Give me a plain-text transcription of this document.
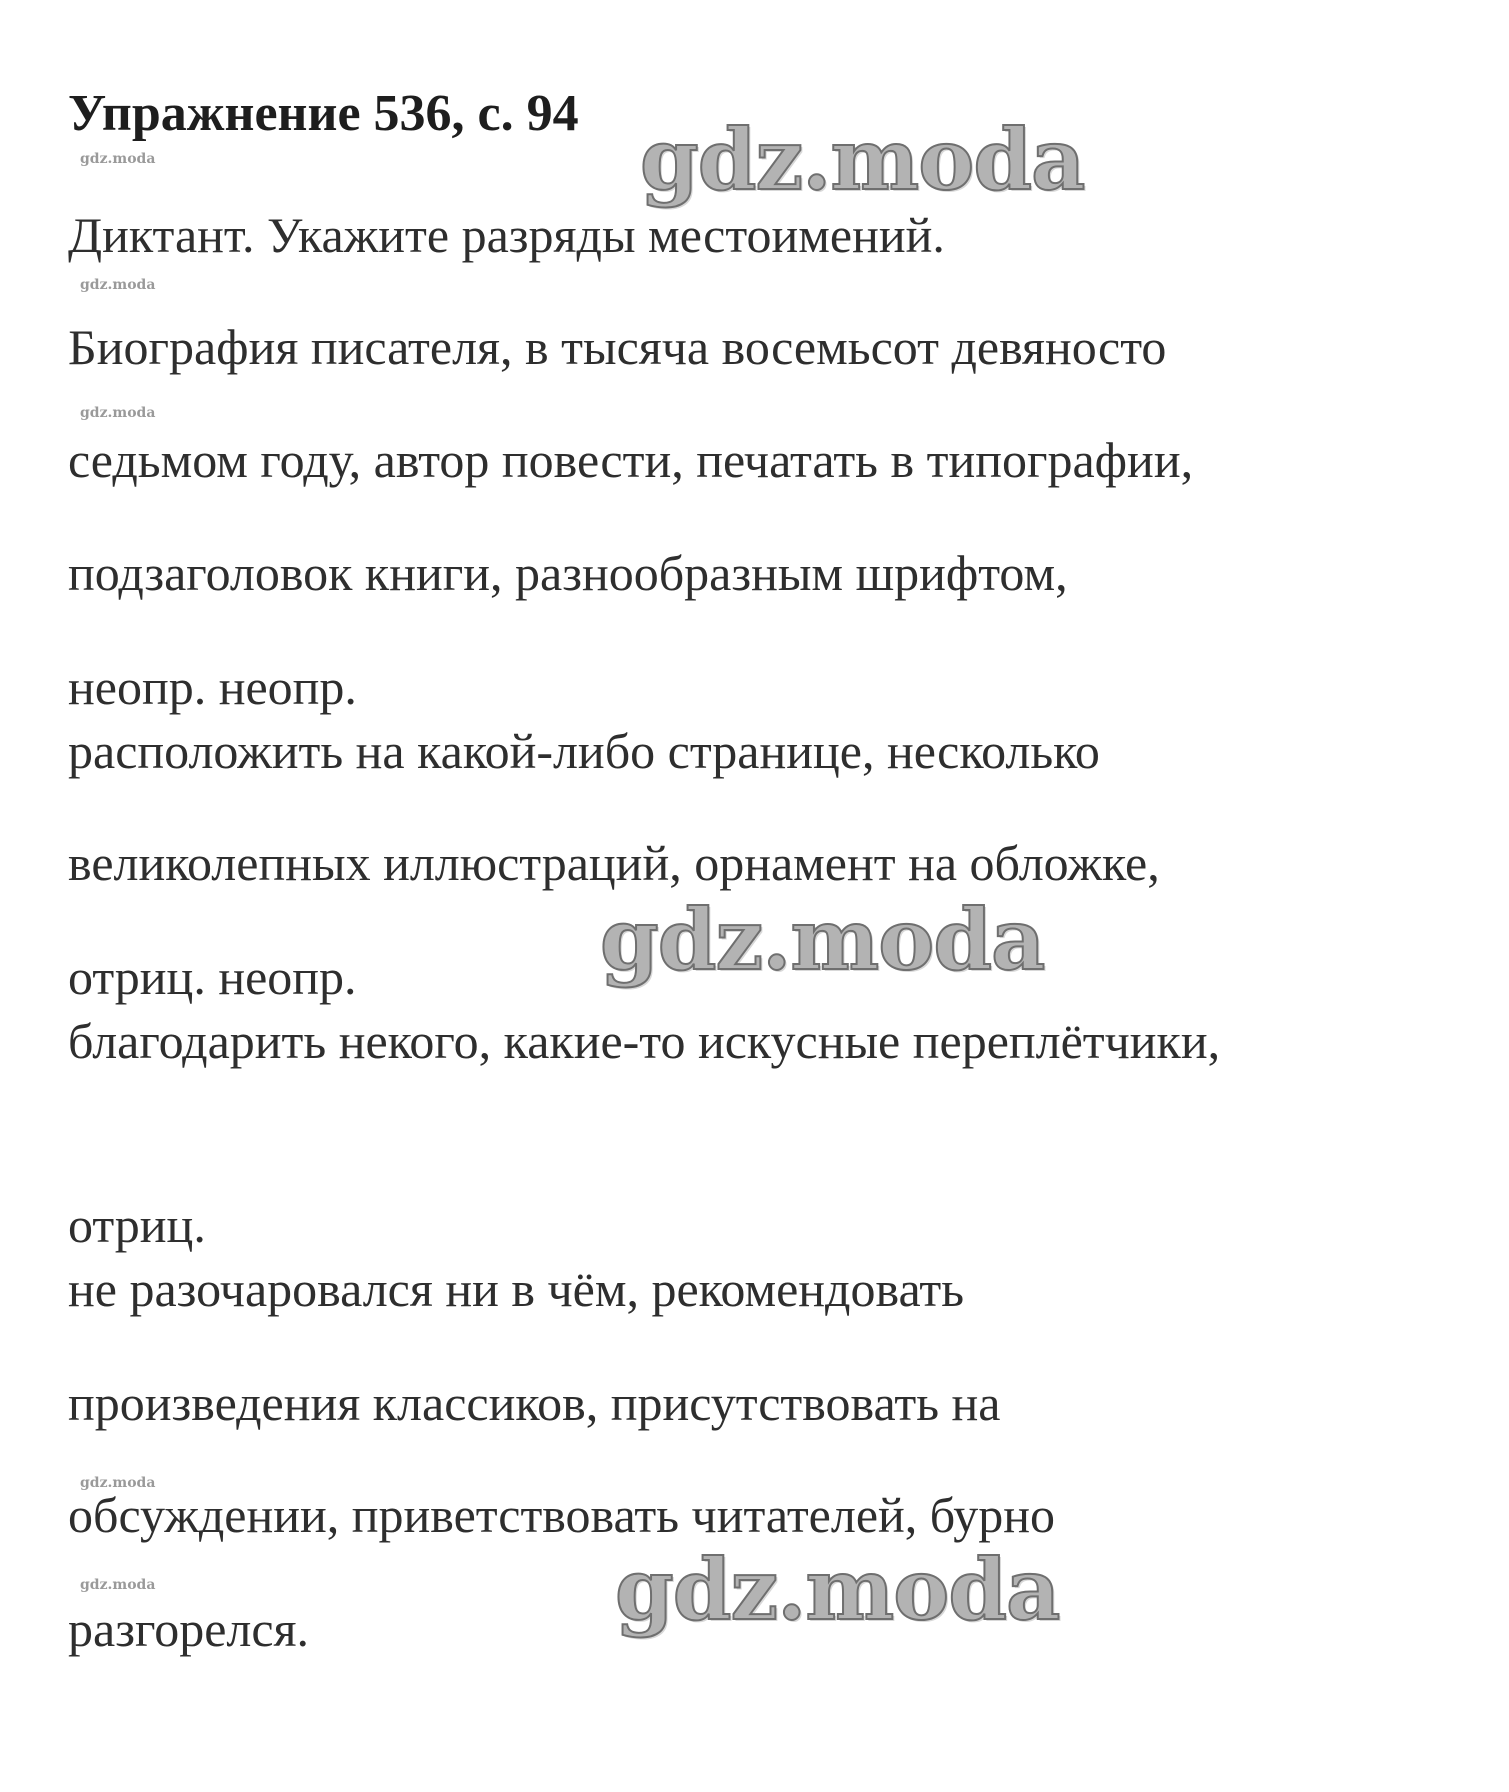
Упражнение 536, с. 94
gdz.moda	gdz.moda
Диктант. Укажите разряды местоимений.
gdz.moda
Биография писателя, в тысяча восемьсот девяносто
gdz.moda
седьмом году, автор повести, печатать в типографии,
подзаголовок книги, разнообразным шрифтом,
неопр. неопр.
расположить на какой-либо странице, несколько
великолепных иллюстраций, орнамент на обложке,
gdz.moda
отриц. неопр.
благодарить некого, какие-то искусные переплётчики,
отриц.
не разочаровался ни в чём, рекомендовать
произведения классиков, присутствовать на
gdz.moda
обсуждении, приветствовать читателей, бурно
gdz.moda	gdz.moda
разгорелся.
